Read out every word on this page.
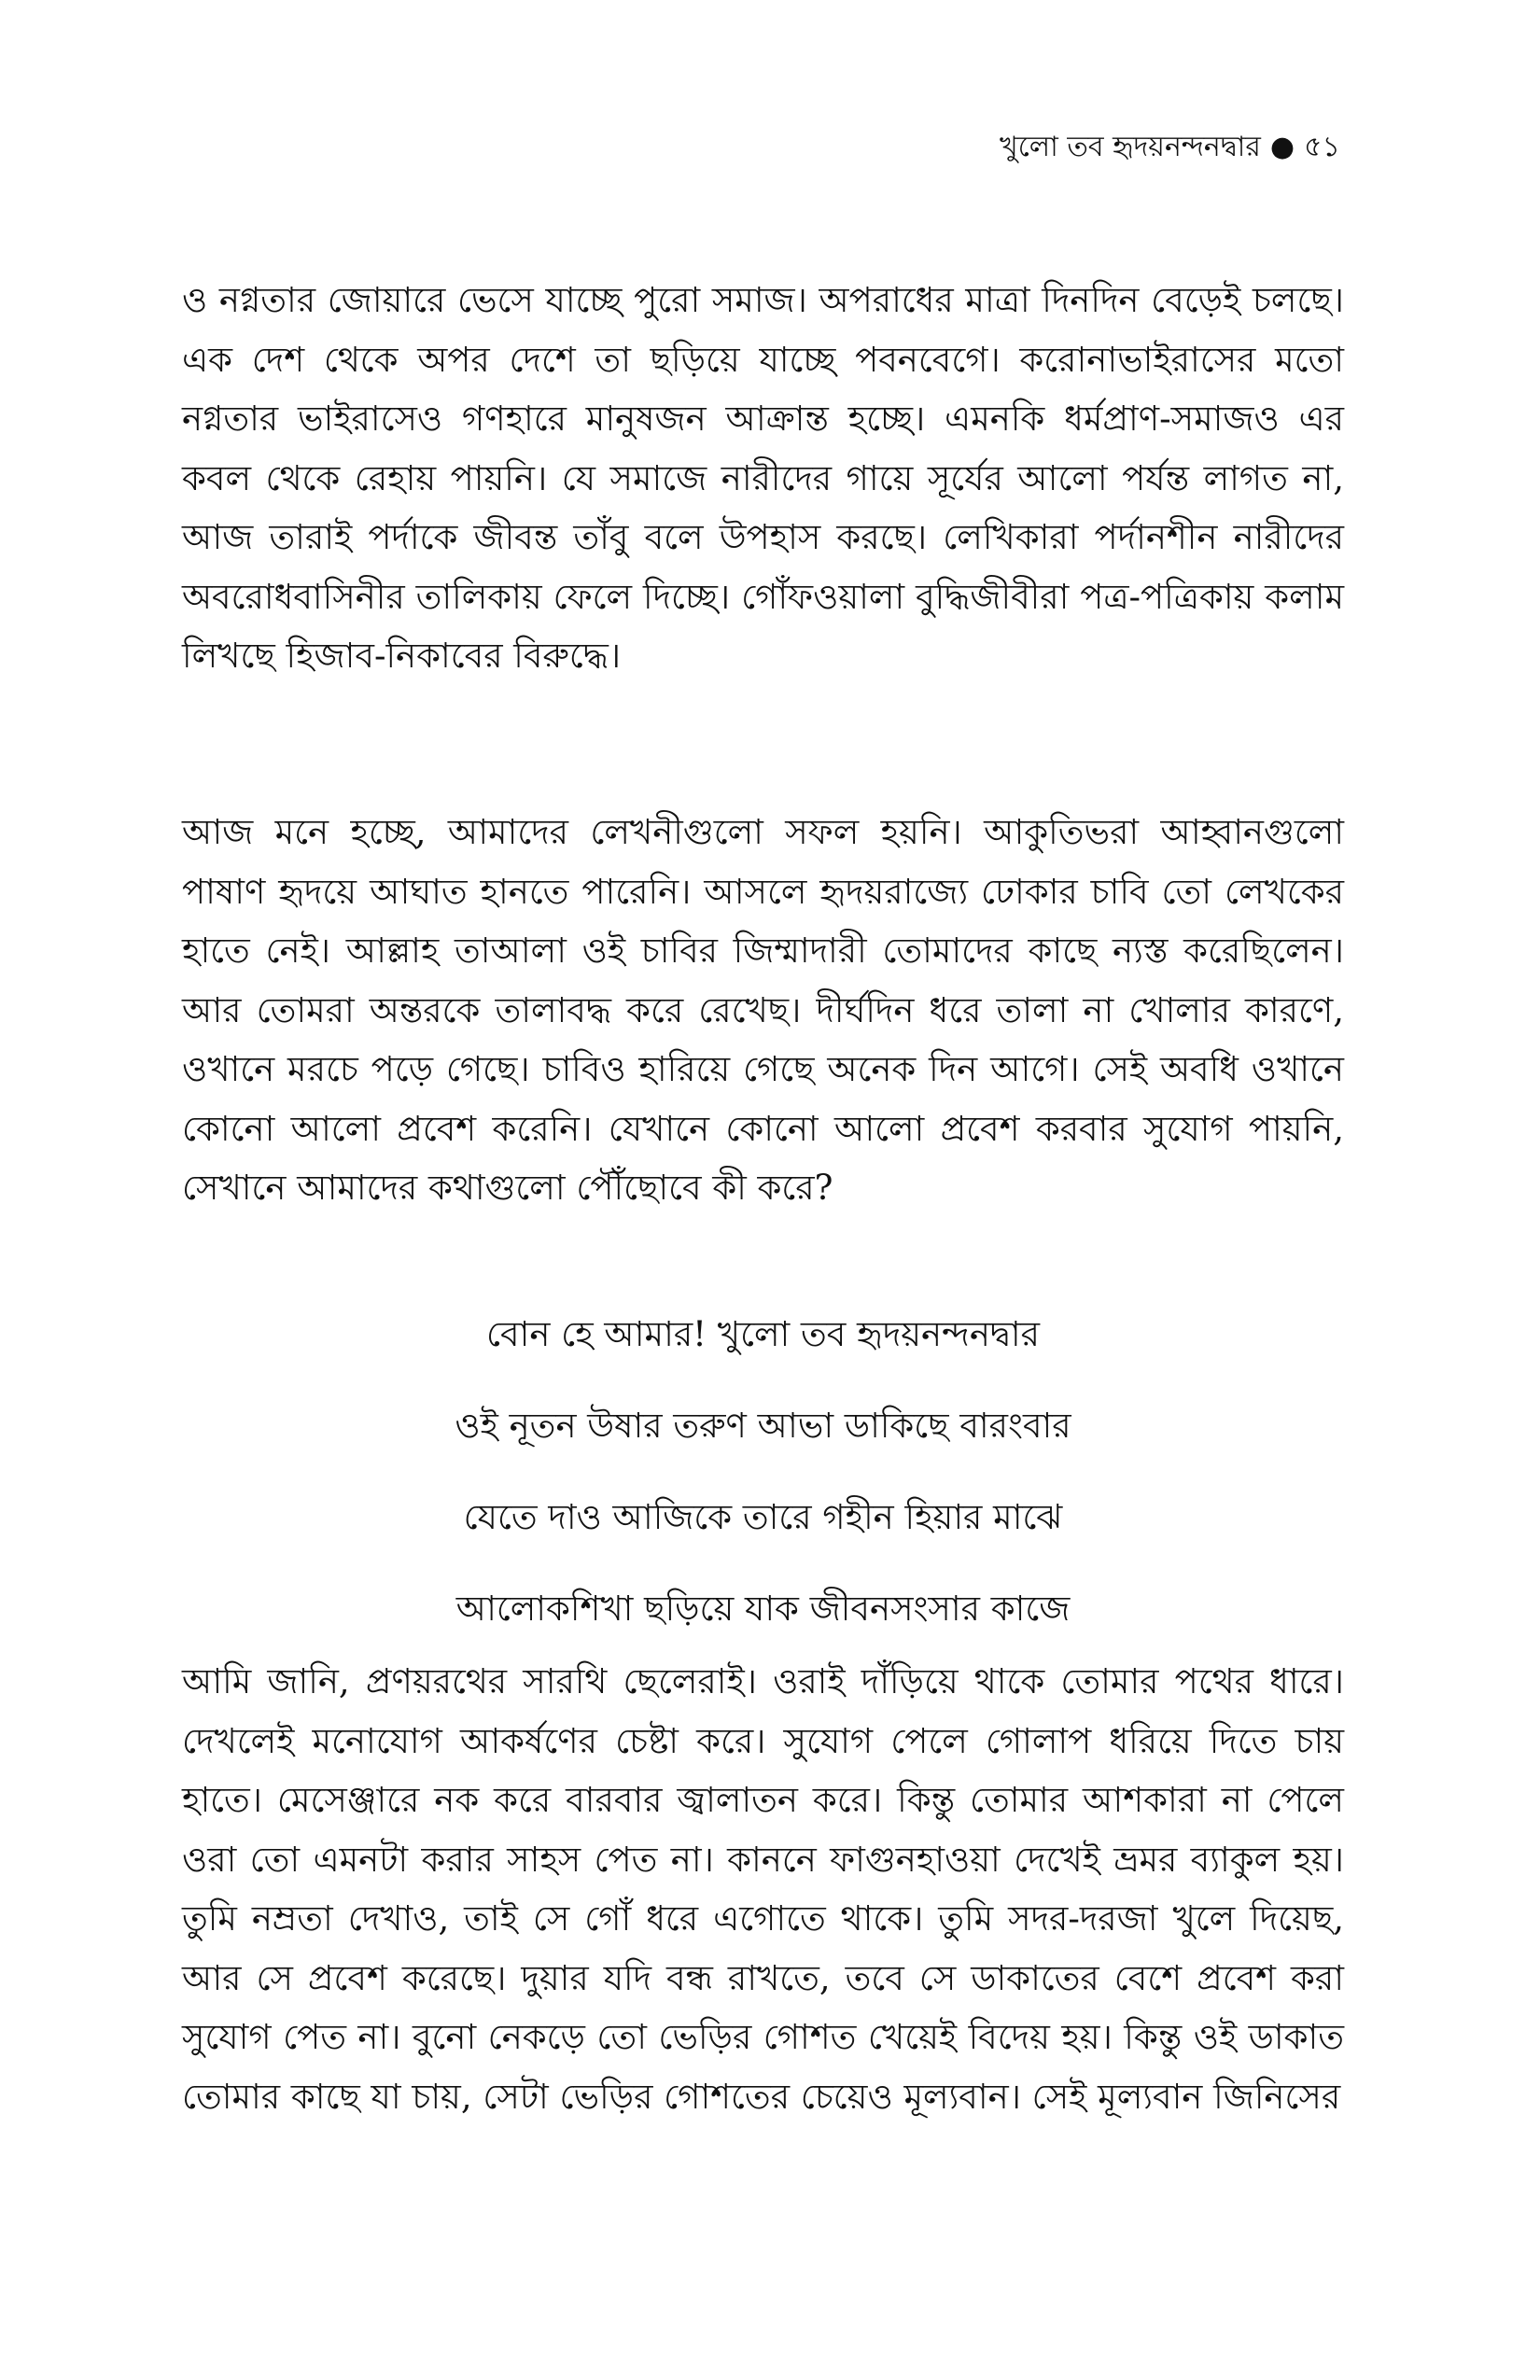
খুলো তব হৃদয়নন্দনদ্বার ● ৫১

ও নগ্নতার জোয়ারে ভেসে যাচ্ছে পুরো সমাজ। অপরাধের মাত্রা দিনদিন বেড়েই চলছে। এক দেশ থেকে অপর দেশে তা ছড়িয়ে যাচ্ছে পবনবেগে। করোনাভাইরাসের মতো নগ্নতার ভাইরাসেও গণহারে মানুষজন আক্রান্ত হচ্ছে। এমনকি ধর্মপ্রাণ-সমাজও এর কবল থেকে রেহায় পায়নি। যে সমাজে নারীদের গায়ে সূর্যের আলো পর্যন্ত লাগত না, আজ তারাই পর্দাকে জীবন্ত তাঁবু বলে উপহাস করছে। লেখিকারা পর্দানশীন নারীদের অবরোধবাসিনীর তালিকায় ফেলে দিচ্ছে। গোঁফওয়ালা বুদ্ধিজীবীরা পত্র-পত্রিকায় কলাম লিখছে হিজাব-নিকাবের বিরুদ্ধে।

আজ মনে হচ্ছে, আমাদের লেখনীগুলো সফল হয়নি। আকুতিভরা আহ্বানগুলো পাষাণ হৃদয়ে আঘাত হানতে পারেনি। আসলে হৃদয়রাজ্যে ঢোকার চাবি তো লেখকের হাতে নেই। আল্লাহ তাআলা ওই চাবির জিম্মাদারী তোমাদের কাছে ন্যস্ত করেছিলেন। আর তোমরা অন্তরকে তালাবদ্ধ করে রেখেছ। দীর্ঘদিন ধরে তালা না খোলার কারণে, ওখানে মরচে পড়ে গেছে। চাবিও হারিয়ে গেছে অনেক দিন আগে। সেই অবধি ওখানে কোনো আলো প্রবেশ করেনি। যেখানে কোনো আলো প্রবেশ করবার সুযোগ পায়নি, সেখানে আমাদের কথাগুলো পৌঁছোবে কী করে?

বোন হে আমার! খুলো তব হৃদয়নন্দনদ্বার
ওই নূতন উষার তরুণ আভা ডাকিছে বারংবার
যেতে দাও আজিকে তারে গহীন হিয়ার মাঝে
আলোকশিখা ছড়িয়ে যাক জীবনসংসার কাজে

আমি জানি, প্রণয়রথের সারথি ছেলেরাই। ওরাই দাঁড়িয়ে থাকে তোমার পথের ধারে। দেখলেই মনোযোগ আকর্ষণের চেষ্টা করে। সুযোগ পেলে গোলাপ ধরিয়ে দিতে চায় হাতে। মেসেঞ্জারে নক করে বারবার জ্বালাতন করে। কিন্তু তোমার আশকারা না পেলে ওরা তো এমনটা করার সাহস পেত না। কাননে ফাগুনহাওয়া দেখেই ভ্রমর ব্যাকুল হয়। তুমি নম্রতা দেখাও, তাই সে গোঁ ধরে এগোতে থাকে। তুমি সদর-দরজা খুলে দিয়েছ, আর সে প্রবেশ করেছে। দুয়ার যদি বন্ধ রাখতে, তবে সে ডাকাতের বেশে প্রবেশ করা সুযোগ পেত না। বুনো নেকড়ে তো ভেড়ির গোশত খেয়েই বিদেয় হয়। কিন্তু ওই ডাকাত তোমার কাছে যা চায়, সেটা ভেড়ির গোশতের চেয়েও মূল্যবান। সেই মূল্যবান জিনিসের
